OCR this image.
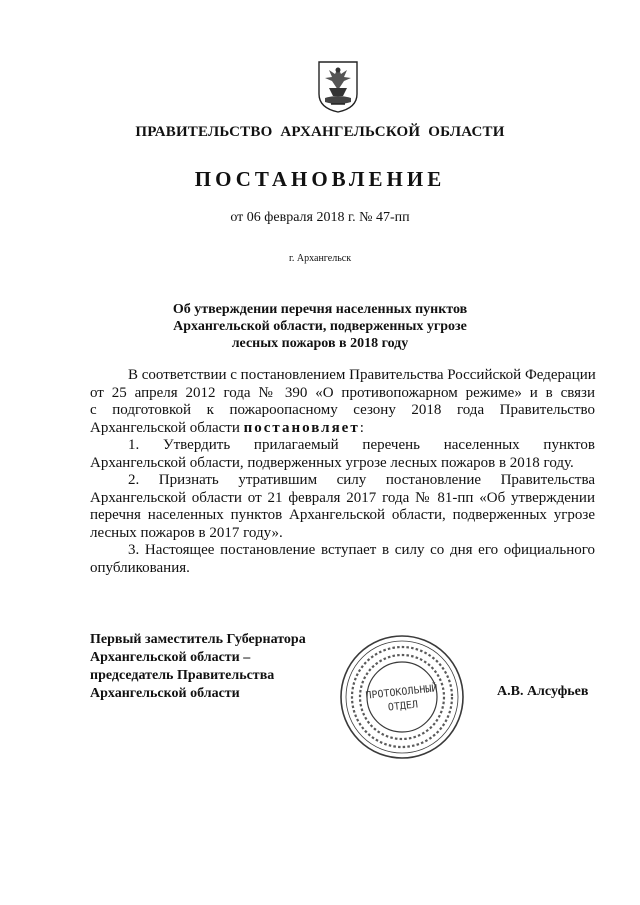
ПРАВИТЕЛЬСТВО АРХАНГЕЛЬСКОЙ ОБЛАСТИ
ПОСТАНОВЛЕНИЕ
от 06 февраля 2018 г. № 47-пп
г. Архангельск
Об утверждении перечня населенных пунктов
Архангельской области, подверженных угрозе
лесных пожаров в 2018 году
В соответствии с постановлением Правительства Российской Федерации
от 25 апреля 2012 года № 390 «О противопожарном режиме» и в связи
с подготовкой к пожароопасному сезону 2018 года Правительство
Архангельской области постановляет:
1. Утвердить прилагаемый перечень населенных пунктов
Архангельской области, подверженных угрозе лесных пожаров в 2018 году.
2. Признать утратившим силу постановление Правительства
Архангельской области от 21 февраля 2017 года № 81-пп «Об утверждении
перечня населенных пунктов Архангельской области, подверженных угрозе
лесных пожаров в 2017 году».
3. Настоящее постановление вступает в силу со дня его официального
опубликования.
Первый заместитель Губернатора
Архангельской области –
председатель Правительства
Архангельской области	ПРОТОКОЛЬНЫЙ
ОТДЕЛ
А.В. Алсуфьев
